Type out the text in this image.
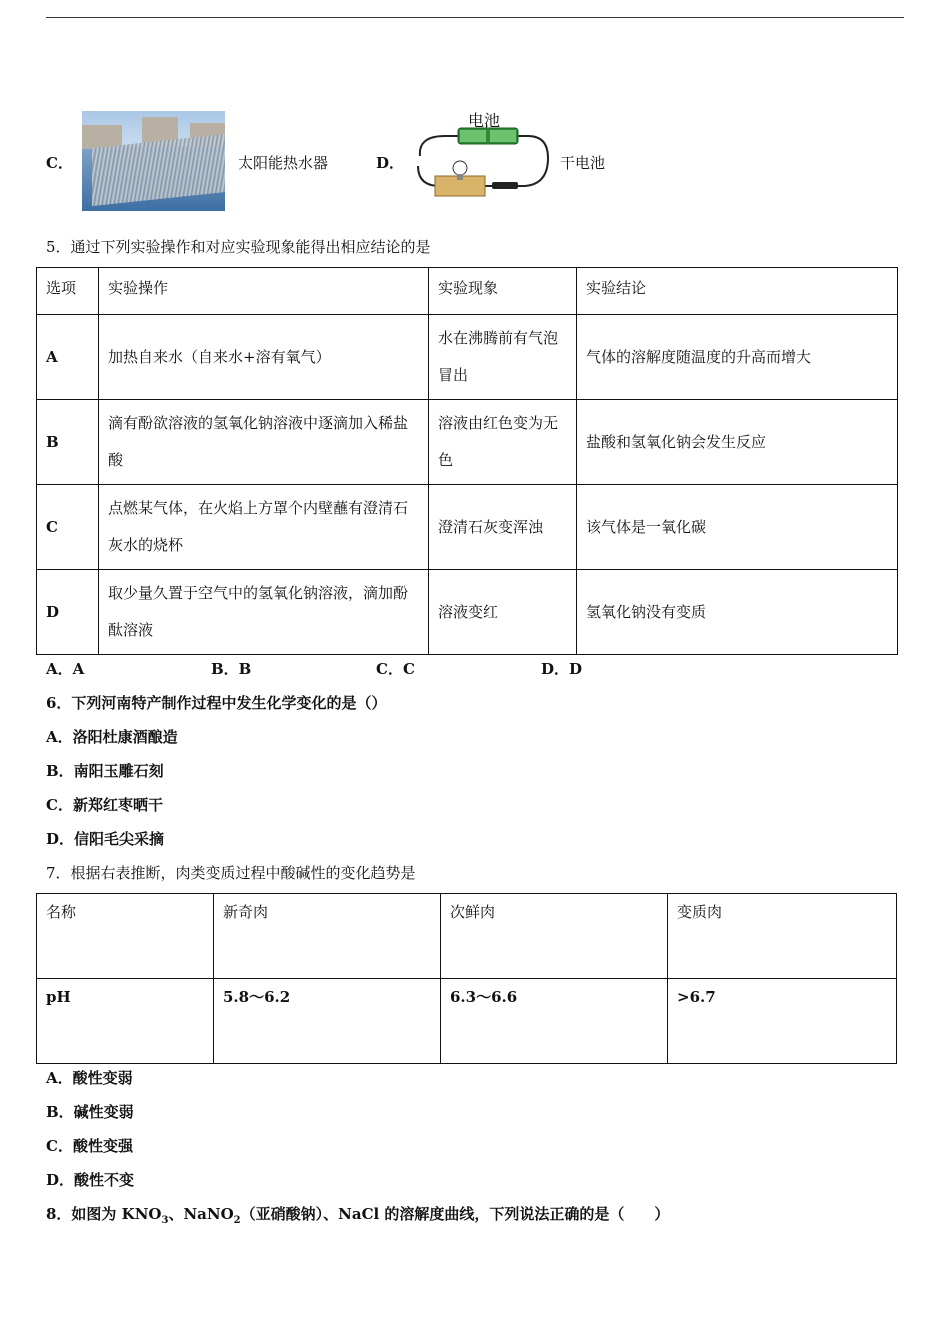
C．	太阳能热水器	D．
电池
干电池
5．通过下列实验操作和对应实验现象能得出相应结论的是
选项	实验操作	实验现象	实验结论
A	加热自来水（自来水+溶有氧气）	水在沸腾前有气泡冒出	气体的溶解度随温度的升高而增大
B	滴有酚欲溶液的氢氧化钠溶液中逐滴加入稀盐酸	溶液由红色变为无色	盐酸和氢氧化钠会发生反应
C	点燃某气体，在火焰上方罩个内壁蘸有澄清石灰水的烧杯	澄清石灰变浑浊	该气体是一氧化碳
D	取少量久置于空气中的氢氧化钠溶液，滴加酚酞溶液	溶液变红	氢氧化钠没有变质
A．A	B．B	C．C	D．D
6．下列河南特产制作过程中发生化学变化的是（）
A．洛阳杜康酒酿造
B．南阳玉雕石刻
C．新郑红枣晒干
D．信阳毛尖采摘
7．根据右表推断，肉类变质过程中酸碱性的变化趋势是
名称	新奇肉	次鲜肉	变质肉
pH	5.8～6.2	6.3～6.6	>6.7
A．酸性变弱
B．碱性变弱
C．酸性变强
D．酸性不变
8．如图为 $KNO_3$、NaNO$_2$（亚硝酸钠）、NaCl 的溶解度曲线，下列说法正确的是（　　）
